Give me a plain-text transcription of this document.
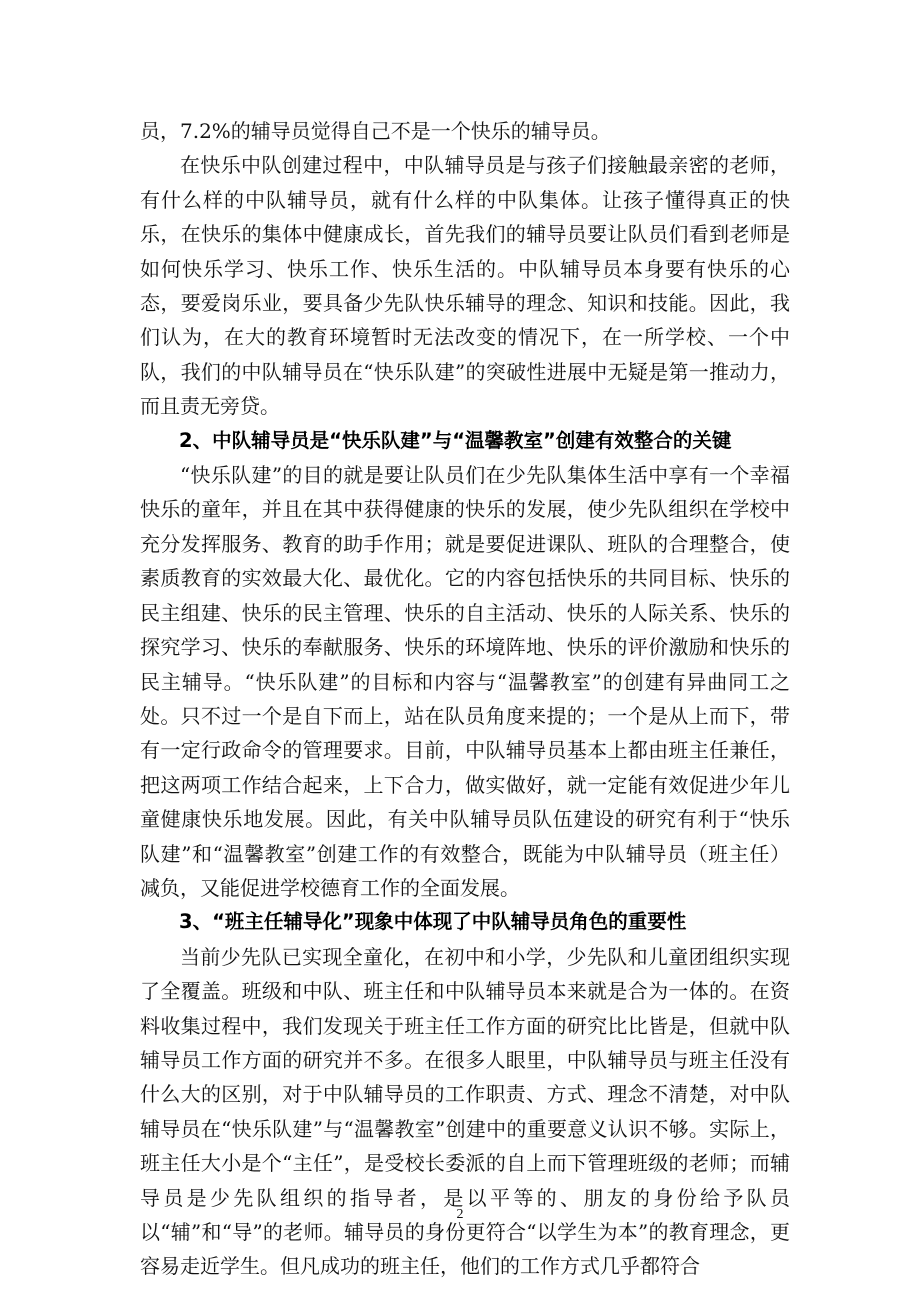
员，7.2%的辅导员觉得自己不是一个快乐的辅导员。

在快乐中队创建过程中，中队辅导员是与孩子们接触最亲密的老师，有什么样的中队辅导员，就有什么样的中队集体。让孩子懂得真正的快乐，在快乐的集体中健康成长，首先我们的辅导员要让队员们看到老师是如何快乐学习、快乐工作、快乐生活的。中队辅导员本身要有快乐的心态，要爱岗乐业，要具备少先队快乐辅导的理念、知识和技能。因此，我们认为，在大的教育环境暂时无法改变的情况下，在一所学校、一个中队，我们的中队辅导员在“快乐队建”的突破性进展中无疑是第一推动力，而且责无旁贷。

2、中队辅导员是“快乐队建”与“温馨教室”创建有效整合的关键

“快乐队建”的目的就是要让队员们在少先队集体生活中享有一个幸福快乐的童年，并且在其中获得健康的快乐的发展，使少先队组织在学校中充分发挥服务、教育的助手作用；就是要促进课队、班队的合理整合，使素质教育的实效最大化、最优化。它的内容包括快乐的共同目标、快乐的民主组建、快乐的民主管理、快乐的自主活动、快乐的人际关系、快乐的探究学习、快乐的奉献服务、快乐的环境阵地、快乐的评价激励和快乐的民主辅导。“快乐队建”的目标和内容与“温馨教室”的创建有异曲同工之处。只不过一个是自下而上，站在队员角度来提的；一个是从上而下，带有一定行政命令的管理要求。目前，中队辅导员基本上都由班主任兼任，把这两项工作结合起来，上下合力，做实做好，就一定能有效促进少年儿童健康快乐地发展。因此，有关中队辅导员队伍建设的研究有利于“快乐队建”和“温馨教室”创建工作的有效整合，既能为中队辅导员（班主任）减负，又能促进学校德育工作的全面发展。

3、“班主任辅导化”现象中体现了中队辅导员角色的重要性

当前少先队已实现全童化，在初中和小学，少先队和儿童团组织实现了全覆盖。班级和中队、班主任和中队辅导员本来就是合为一体的。在资料收集过程中，我们发现关于班主任工作方面的研究比比皆是，但就中队辅导员工作方面的研究并不多。在很多人眼里，中队辅导员与班主任没有什么大的区别，对于中队辅导员的工作职责、方式、理念不清楚，对中队辅导员在“快乐队建”与“温馨教室”创建中的重要意义认识不够。实际上，班主任大小是个“主任”，是受校长委派的自上而下管理班级的老师；而辅导员是少先队组织的指导者，是以平等的、朋友的身份给予队员以“辅”和“导”的老师。辅导员的身份更符合“以学生为本”的教育理念，更容易走近学生。但凡成功的班主任，他们的工作方式几乎都符合

2
